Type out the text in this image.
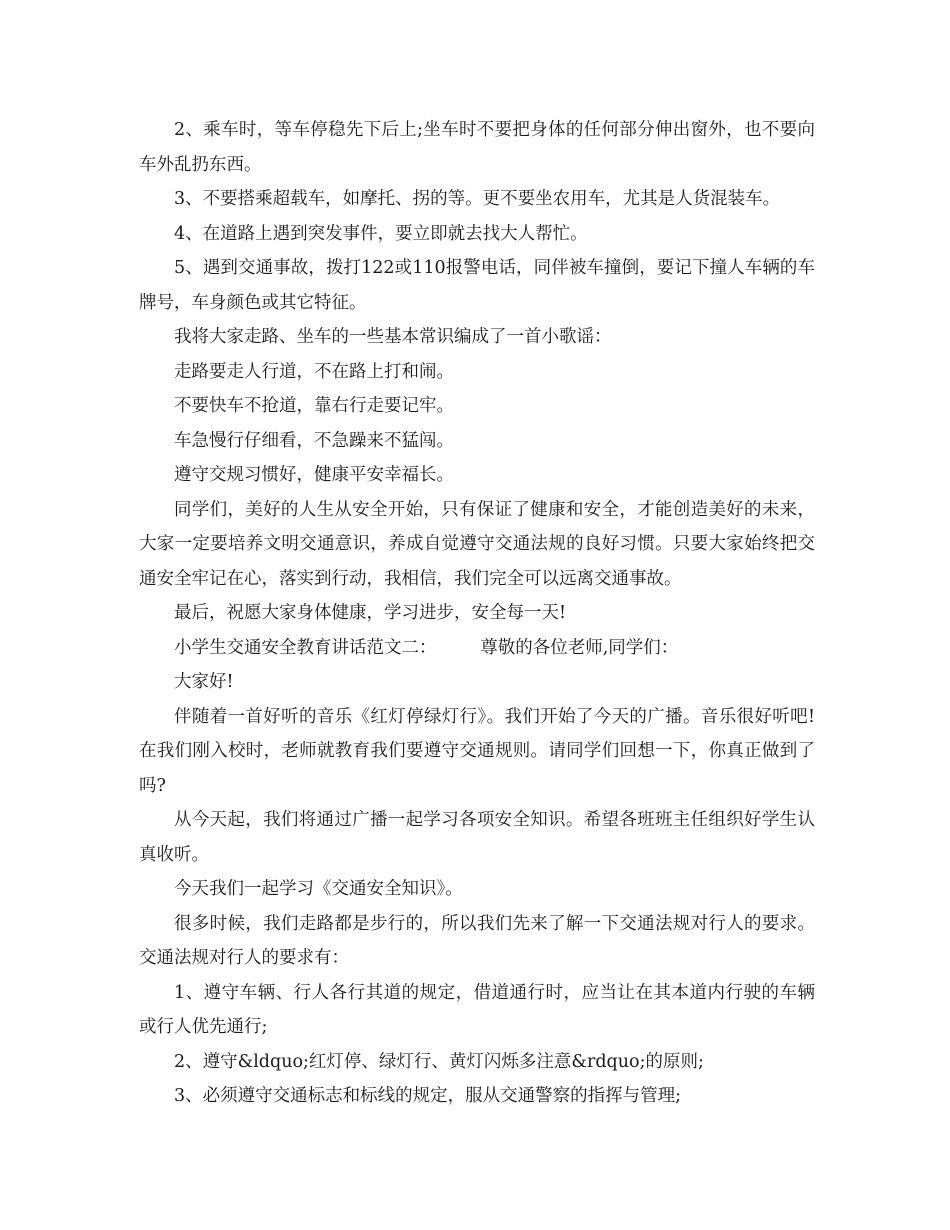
2、乘车时，等车停稳先下后上;坐车时不要把身体的任何部分伸出窗外，也不要向车外乱扔东西。

3、不要搭乘超载车，如摩托、拐的等。更不要坐农用车，尤其是人货混装车。

4、在道路上遇到突发事件，要立即就去找大人帮忙。

5、遇到交通事故，拨打122或110报警电话，同伴被车撞倒，要记下撞人车辆的车牌号，车身颜色或其它特征。

我将大家走路、坐车的一些基本常识编成了一首小歌谣：

走路要走人行道，不在路上打和闹。

不要快车不抢道，靠右行走要记牢。

车急慢行仔细看，不急躁来不猛闯。

遵守交规习惯好，健康平安幸福长。

同学们，美好的人生从安全开始，只有保证了健康和安全，才能创造美好的未来，大家一定要培养文明交通意识，养成自觉遵守交通法规的良好习惯。只要大家始终把交通安全牢记在心，落实到行动，我相信，我们完全可以远离交通事故。

最后，祝愿大家身体健康，学习进步，安全每一天!

小学生交通安全教育讲话范文二：　　　尊敬的各位老师,同学们：

大家好!

伴随着一首好听的音乐《红灯停绿灯行》。我们开始了今天的广播。音乐很好听吧!在我们刚入校时，老师就教育我们要遵守交通规则。请同学们回想一下，你真正做到了吗?

从今天起，我们将通过广播一起学习各项安全知识。希望各班班主任组织好学生认真收听。

今天我们一起学习《交通安全知识》。

很多时候，我们走路都是步行的，所以我们先来了解一下交通法规对行人的要求。交通法规对行人的要求有：

1、遵守车辆、行人各行其道的规定，借道通行时，应当让在其本道内行驶的车辆或行人优先通行;

2、遵守&ldquo;红灯停、绿灯行、黄灯闪烁多注意&rdquo;的原则;

3、必须遵守交通标志和标线的规定，服从交通警察的指挥与管理;
